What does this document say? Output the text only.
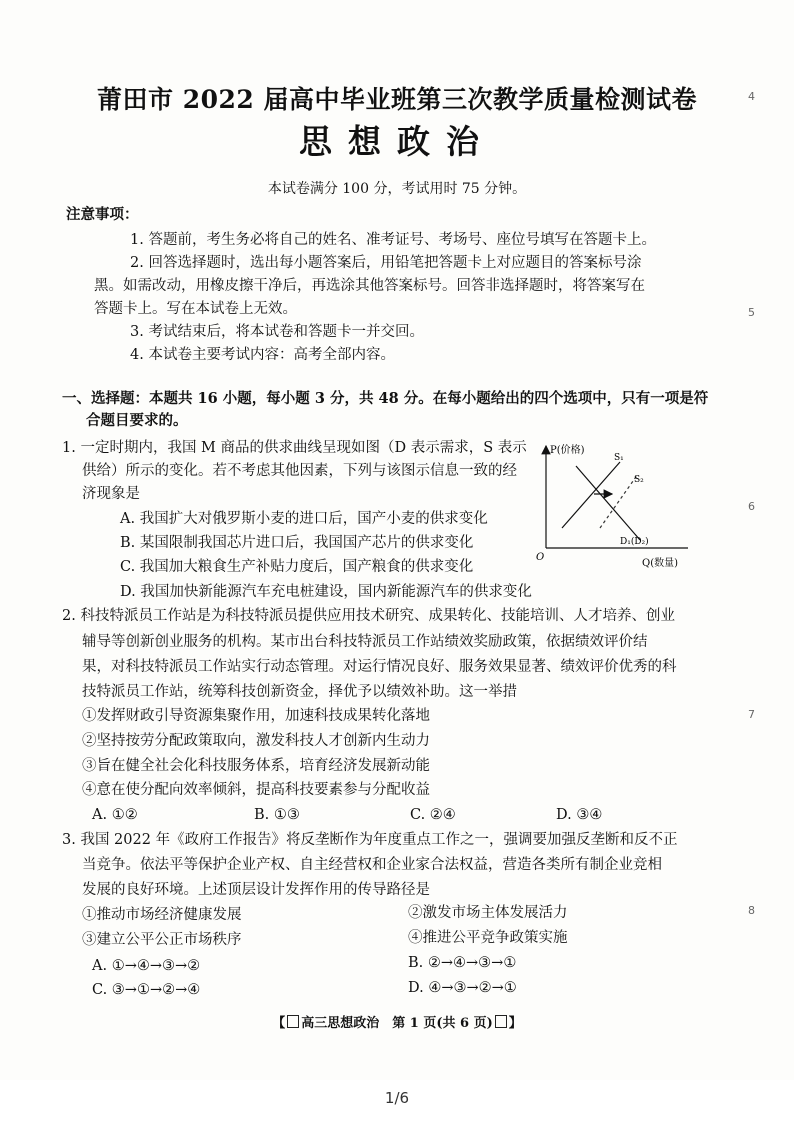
莆田市 2022 届高中毕业班第三次教学质量检测试卷
思想政治
本试卷满分 100 分，考试用时 75 分钟。
注意事项：
1. 答题前，考生务必将自己的姓名、准考证号、考场号、座位号填写在答题卡上。
2. 回答选择题时，选出每小题答案后，用铅笔把答题卡上对应题目的答案标号涂
黑。如需改动，用橡皮擦干净后，再选涂其他答案标号。回答非选择题时，将答案写在
答题卡上。写在本试卷上无效。
3. 考试结束后，将本试卷和答题卡一并交回。
4. 本试卷主要考试内容：高考全部内容。
一、选择题：本题共 16 小题，每小题 3 分，共 48 分。在每小题给出的四个选项中，只有一项是符
合题目要求的。
1. 一定时期内，我国 M 商品的供求曲线呈现如图（D 表示需求，S 表示
供给）所示的变化。若不考虑其他因素，下列与该图示信息一致的经
济现象是
A. 我国扩大对俄罗斯小麦的进口后，国产小麦的供求变化
B. 某国限制我国芯片进口后，我国国产芯片的供求变化
C. 我国加大粮食生产补贴力度后，国产粮食的供求变化
D. 我国加快新能源汽车充电桩建设，国内新能源汽车的供求变化
P(价格)
S₁
S₂
D₁(D₂)
O
Q(数量)
2. 科技特派员工作站是为科技特派员提供应用技术研究、成果转化、技能培训、人才培养、创业
辅导等创新创业服务的机构。某市出台科技特派员工作站绩效奖励政策，依据绩效评价结
果，对科技特派员工作站实行动态管理。对运行情况良好、服务效果显著、绩效评价优秀的科
技特派员工作站，统筹科技创新资金，择优予以绩效补助。这一举措
①发挥财政引导资源集聚作用，加速科技成果转化落地
②坚持按劳分配政策取向，激发科技人才创新内生动力
③旨在健全社会化科技服务体系，培育经济发展新动能
④意在使分配向效率倾斜，提高科技要素参与分配收益
A. ①②	B. ①③	C. ②④	D. ③④
3. 我国 2022 年《政府工作报告》将反垄断作为年度重点工作之一，强调要加强反垄断和反不正
当竞争。依法平等保护企业产权、自主经营权和企业家合法权益，营造各类所有制企业竞相
发展的良好环境。上述顶层设计发挥作用的传导路径是
①推动市场经济健康发展	②激发市场主体发展活力
③建立公平公正市场秩序	④推进公平竞争政策实施
A. ①→④→③→②	B. ②→④→③→①
C. ③→①→②→④	D. ④→③→②→①
【 高三思想政治　第 1 页(共 6 页) 】
4
5
6
7
8
1/6
